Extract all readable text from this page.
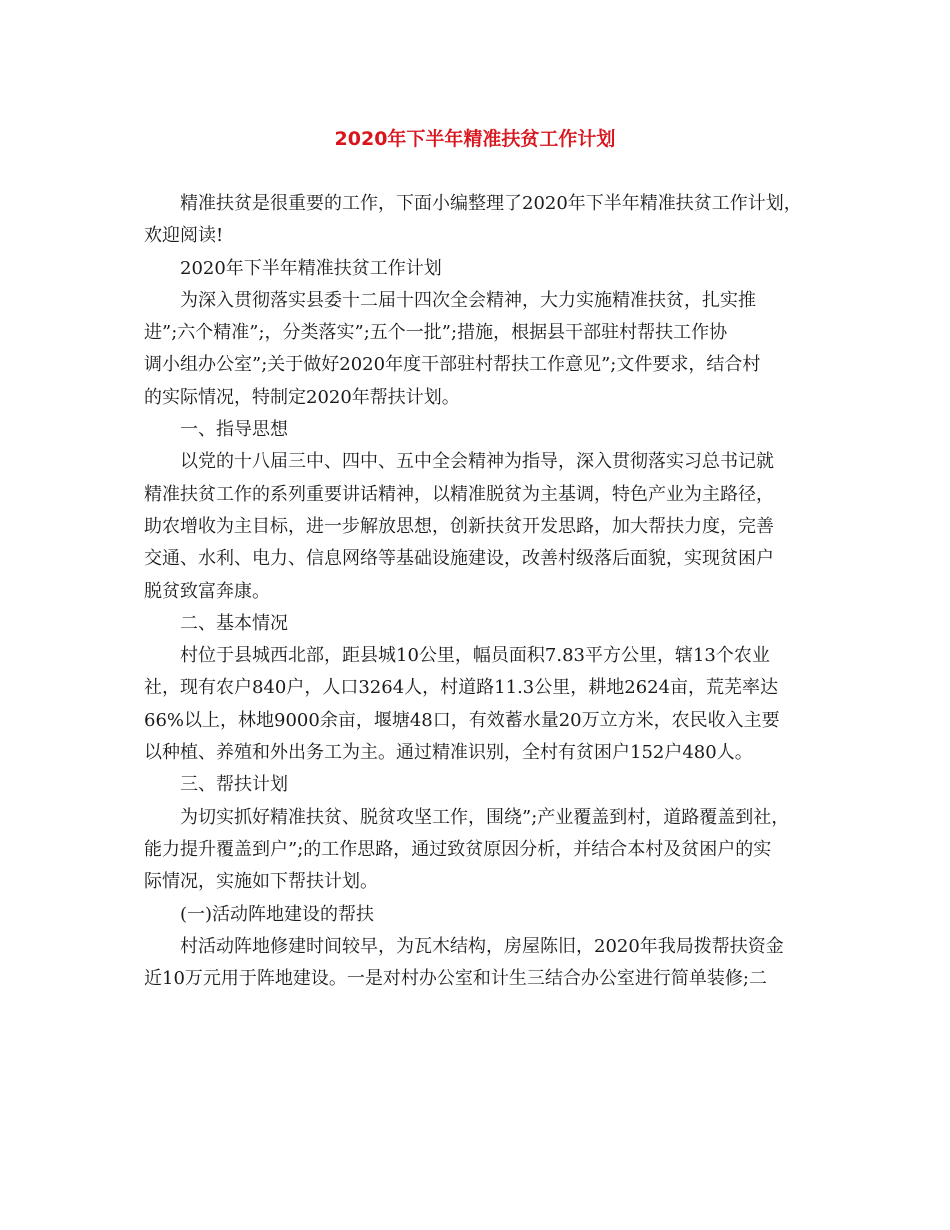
2020年下半年精准扶贫工作计划

精准扶贫是很重要的工作，下面小编整理了2020年下半年精准扶贫工作计划，

欢迎阅读!

2020年下半年精准扶贫工作计划

为深入贯彻落实县委十二届十四次全会精神，大力实施精准扶贫，扎实推

进”;六个精准”;，分类落实”;五个一批”;措施，根据县干部驻村帮扶工作协

调小组办公室”;关于做好2020年度干部驻村帮扶工作意见”;文件要求，结合村

的实际情况，特制定2020年帮扶计划。

一、指导思想

以党的十八届三中、四中、五中全会精神为指导，深入贯彻落实习总书记就

精准扶贫工作的系列重要讲话精神，以精准脱贫为主基调，特色产业为主路径，

助农增收为主目标，进一步解放思想，创新扶贫开发思路，加大帮扶力度，完善

交通、水利、电力、信息网络等基础设施建设，改善村级落后面貌，实现贫困户

脱贫致富奔康。

二、基本情况

村位于县城西北部，距县城10公里，幅员面积7.83平方公里，辖13个农业

社，现有农户840户，人口3264人，村道路11.3公里，耕地2624亩，荒芜率达

66%以上，林地9000余亩，堰塘48口，有效蓄水量20万立方米，农民收入主要

以种植、养殖和外出务工为主。通过精准识别，全村有贫困户152户480人。

三、帮扶计划

为切实抓好精准扶贫、脱贫攻坚工作，围绕”;产业覆盖到村，道路覆盖到社，

能力提升覆盖到户”;的工作思路，通过致贫原因分析，并结合本村及贫困户的实

际情况，实施如下帮扶计划。

(一)活动阵地建设的帮扶

村活动阵地修建时间较早，为瓦木结构，房屋陈旧，2020年我局拨帮扶资金

近10万元用于阵地建设。一是对村办公室和计生三结合办公室进行简单装修;二
